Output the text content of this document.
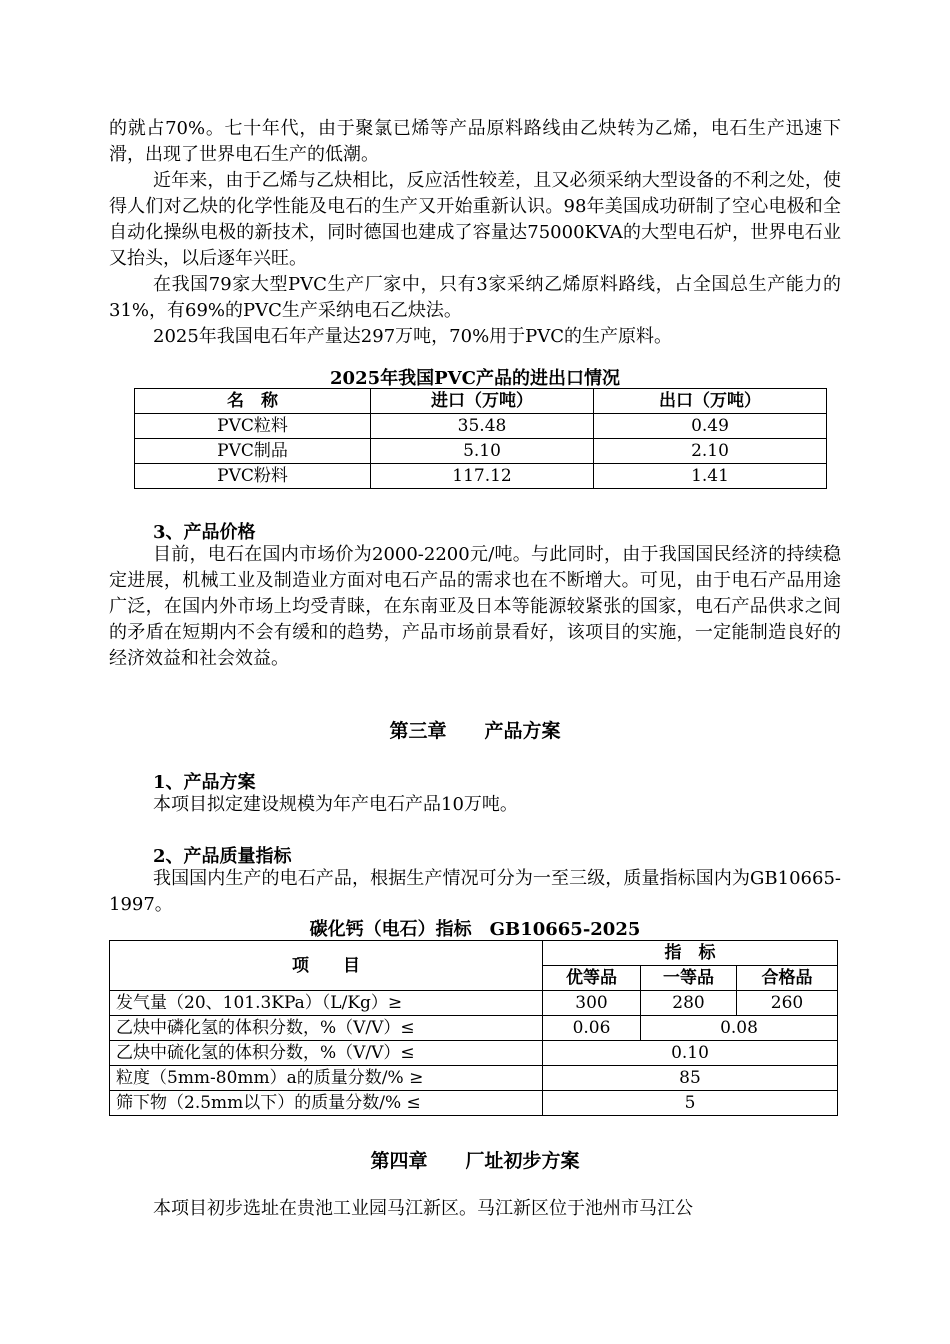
的就占70%。七十年代，由于聚氯已烯等产品原料路线由乙炔转为乙烯，电石生产迅速下滑，出现了世界电石生产的低潮。

近年来，由于乙烯与乙炔相比，反应活性较差，且又必须采纳大型设备的不利之处，使得人们对乙炔的化学性能及电石的生产又开始重新认识。98年美国成功研制了空心电极和全自动化操纵电极的新技术，同时德国也建成了容量达75000KVA的大型电石炉，世界电石业又抬头，以后逐年兴旺。

在我国79家大型PVC生产厂家中，只有3家采纳乙烯原料路线，占全国总生产能力的31%，有69%的PVC生产采纳电石乙炔法。

2025年我国电石年产量达297万吨，70%用于PVC的生产原料。

2025年我国PVC产品的进出口情况

名　称	进口（万吨）	出口（万吨）
PVC粒料	35.48	0.49
PVC制品	5.10	2.10
PVC粉料	117.12	1.41

3、产品价格

目前，电石在国内市场价为2000-2200元/吨。与此同时，由于我国国民经济的持续稳定进展，机械工业及制造业方面对电石产品的需求也在不断增大。可见，由于电石产品用途广泛，在国内外市场上均受青睐，在东南亚及日本等能源较紧张的国家，电石产品供求之间的矛盾在短期内不会有缓和的趋势，产品市场前景看好，该项目的实施，一定能制造良好的经济效益和社会效益。

第三章　　产品方案

1、产品方案

本项目拟定建设规模为年产电石产品10万吨。

2、产品质量指标

我国国内生产的电石产品，根据生产情况可分为一至三级，质量指标国内为GB10665-1997。

碳化钙（电石）指标　GB10665-2025

项　　目	指　标		
	优等品	一等品	合格品
发气量（20、101.3KPa）（L/Kg）≥	300	280	260
乙炔中磷化氢的体积分数，%（V/V）≤	0.06	0.08	
乙炔中硫化氢的体积分数，%（V/V）≤	0.10		
粒度（5mm-80mm）a的质量分数/% ≥	85		
筛下物（2.5mm以下）的质量分数/% ≤	5		

第四章　　厂址初步方案

本项目初步选址在贵池工业园马江新区。马江新区位于池州市马江公
